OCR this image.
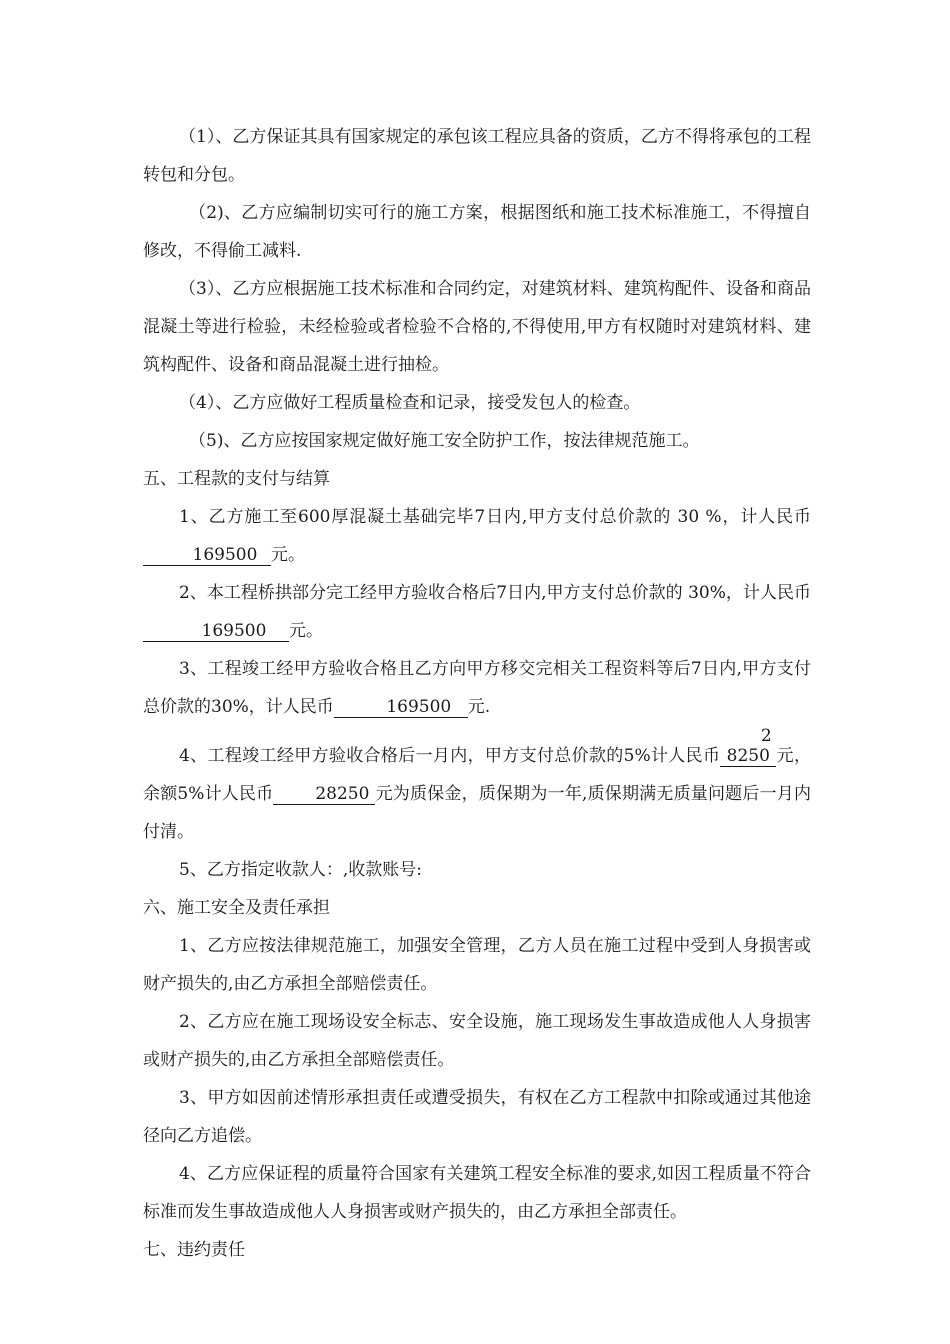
（1）、乙方保证其具有国家规定的承包该工程应具备的资质，乙方不得将承包的工程转包和分包。

（2)、乙方应编制切实可行的施工方案，根据图纸和施工技术标准施工，不得擅自修改，不得偷工减料.

（3）、乙方应根据施工技术标准和合同约定，对建筑材料、建筑构配件、设备和商品混凝土等进行检验，未经检验或者检验不合格的,不得使用,甲方有权随时对建筑材料、建筑构配件、设备和商品混凝土进行抽检。

（4）、乙方应做好工程质量检查和记录，接受发包人的检查。

（5)、乙方应按国家规定做好施工安全防护工作，按法律规范施工。

五、工程款的支付与结算

1、乙方施工至600厚混凝土基础完毕7日内,甲方支付总价款的 30 %，计人民币169500 元。

2、本工程桥拱部分完工经甲方验收合格后7日内,甲方支付总价款的 30%，计人民币169500 元。

3、工程竣工经甲方验收合格且乙方向甲方移交完相关工程资料等后7日内,甲方支付总价款的30%，计人民币	169500 元.

4、工程竣工经甲方验收合格后一月内，甲方支付总价款的5%计人民币28250 元，余额5%计人民币 28250 元为质保金，质保期为一年,质保期满无质量问题后一月内付清。

5、乙方指定收款人：,收款账号:

六、施工安全及责任承担

1、乙方应按法律规范施工，加强安全管理，乙方人员在施工过程中受到人身损害或财产损失的,由乙方承担全部赔偿责任。

2、乙方应在施工现场设安全标志、安全设施，施工现场发生事故造成他人人身损害或财产损失的,由乙方承担全部赔偿责任。

3、甲方如因前述情形承担责任或遭受损失，有权在乙方工程款中扣除或通过其他途径向乙方追偿。

4、乙方应保证程的质量符合国家有关建筑工程安全标准的要求,如因工程质量不符合标准而发生事故造成他人人身损害或财产损失的，由乙方承担全部责任。

七、违约责任
